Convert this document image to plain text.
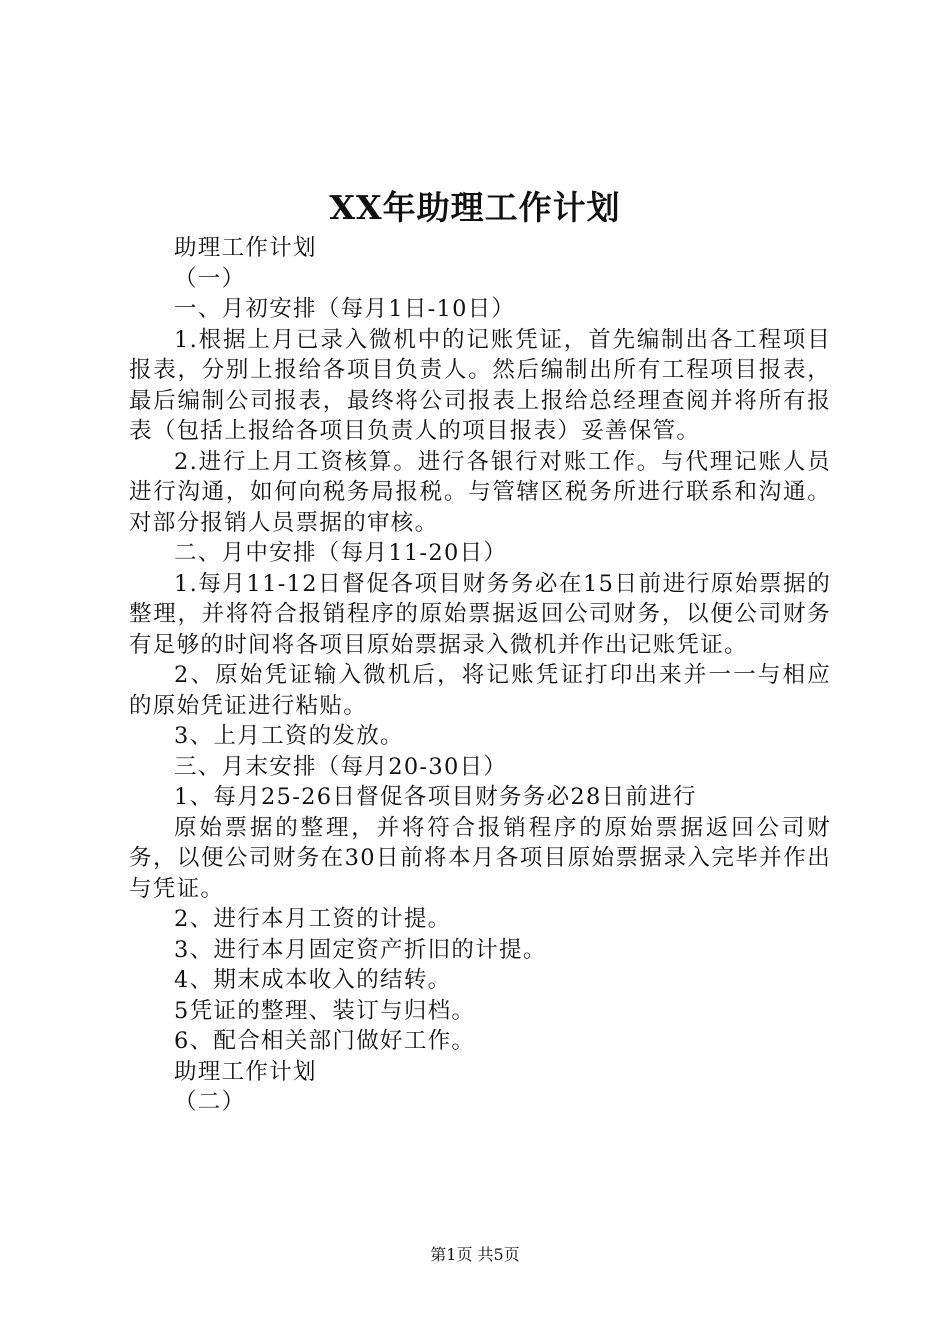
XX年助理工作计划

助理工作计划

（一）

一、月初安排（每月1日-10日）

1.根据上月已录入微机中的记账凭证，首先编制出各工程项目报表，分别上报给各项目负责人。然后编制出所有工程项目报表，最后编制公司报表，最终将公司报表上报给总经理查阅并将所有报表（包括上报给各项目负责人的项目报表）妥善保管。

2.进行上月工资核算。进行各银行对账工作。与代理记账人员进行沟通，如何向税务局报税。与管辖区税务所进行联系和沟通。对部分报销人员票据的审核。

二、月中安排（每月11-20日）

1.每月11-12日督促各项目财务务必在15日前进行原始票据的整理，并将符合报销程序的原始票据返回公司财务，以便公司财务有足够的时间将各项目原始票据录入微机并作出记账凭证。

2、原始凭证输入微机后，将记账凭证打印出来并一一与相应的原始凭证进行粘贴。

3、上月工资的发放。

三、月末安排（每月20-30日）

1、每月25-26日督促各项目财务务必28日前进行

原始票据的整理，并将符合报销程序的原始票据返回公司财务，以便公司财务在30日前将本月各项目原始票据录入完毕并作出与凭证。

2、进行本月工资的计提。

3、进行本月固定资产折旧的计提。

4、期末成本收入的结转。

5凭证的整理、装订与归档。

6、配合相关部门做好工作。

助理工作计划

（二）

第1页 共5页
